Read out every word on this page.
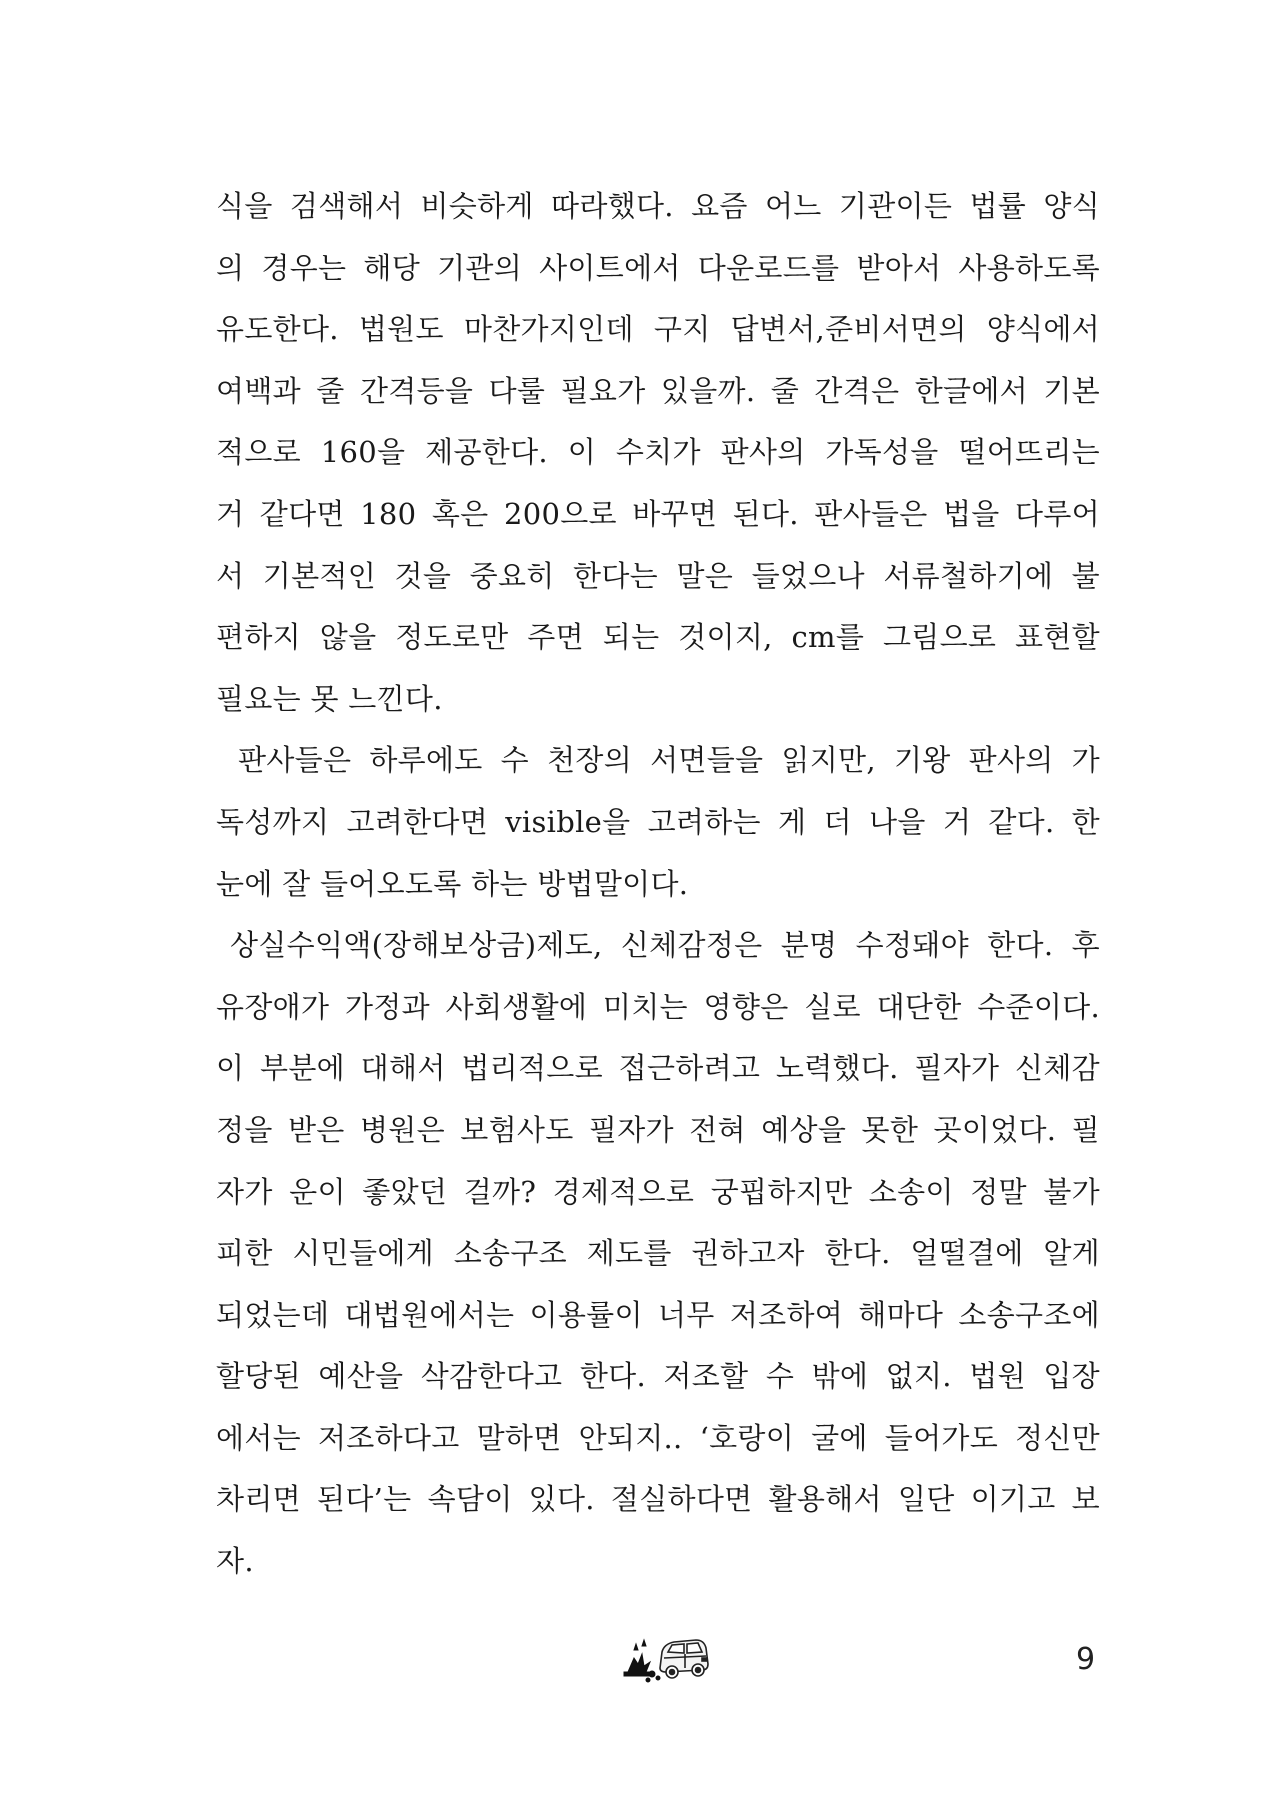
식을 검색해서 비슷하게 따라했다. 요즘 어느 기관이든 법률 양식
의 경우는 해당 기관의 사이트에서 다운로드를 받아서 사용하도록
유도한다. 법원도 마찬가지인데 구지 답변서,준비서면의 양식에서
여백과 줄 간격등을 다룰 필요가 있을까. 줄 간격은 한글에서 기본
적으로 160을 제공한다. 이 수치가 판사의 가독성을 떨어뜨리는
거 같다면 180 혹은 200으로 바꾸면 된다. 판사들은 법을 다루어
서 기본적인 것을 중요히 한다는 말은 들었으나 서류철하기에 불
편하지 않을 정도로만 주면 되는 것이지, cm를 그림으로 표현할
필요는 못 느낀다.
판사들은 하루에도 수 천장의 서면들을 읽지만, 기왕 판사의 가
독성까지 고려한다면 visible을 고려하는 게 더 나을 거 같다. 한
눈에 잘 들어오도록 하는 방법말이다.
상실수익액(장해보상금)제도, 신체감정은 분명 수정돼야 한다. 후
유장애가 가정과 사회생활에 미치는 영향은 실로 대단한 수준이다.
이 부분에 대해서 법리적으로 접근하려고 노력했다. 필자가 신체감
정을 받은 병원은 보험사도 필자가 전혀 예상을 못한 곳이었다. 필
자가 운이 좋았던 걸까? 경제적으로 궁핍하지만 소송이 정말 불가
피한 시민들에게 소송구조 제도를 권하고자 한다. 얼떨결에 알게
되었는데 대법원에서는 이용률이 너무 저조하여 해마다 소송구조에
할당된 예산을 삭감한다고 한다. 저조할 수 밖에 없지. 법원 입장
에서는 저조하다고 말하면 안되지.. ‘호랑이 굴에 들어가도 정신만
차리면 된다’는 속담이 있다. 절실하다면 활용해서 일단 이기고 보
자.
9
